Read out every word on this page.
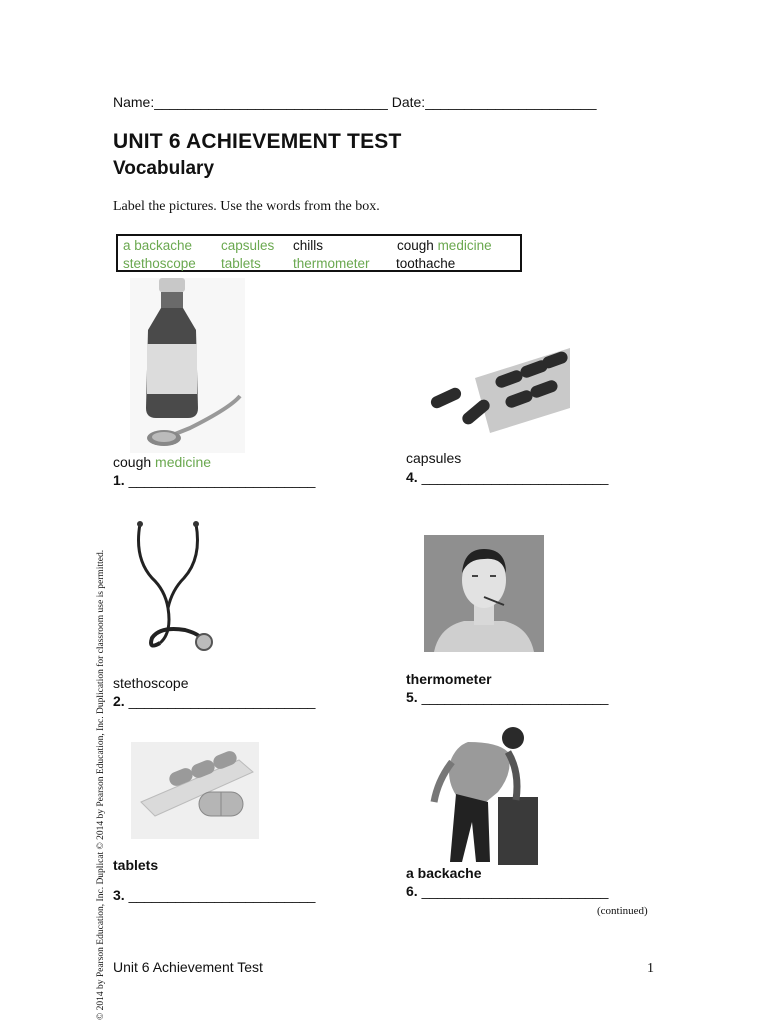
Name:______________________________ Date:______________________
UNIT 6 ACHIEVEMENT TEST
Vocabulary
Label the pictures. Use the words from the box.
a backache capsules chills	cough medicine
stethoscope tablets thermometer toothache
cough medicine
1. ________________________
capsules
4. ________________________
stethoscope
2. ________________________
thermometer
5. ________________________
tablets
3. ________________________
a backache
6. ________________________
(continued)
Unit 6 Achievement Test	1
© 2014 by Pearson Education, Inc. Duplicat © 2014 by Pearson Education, Inc. Duplication for classroom use is permitted.
